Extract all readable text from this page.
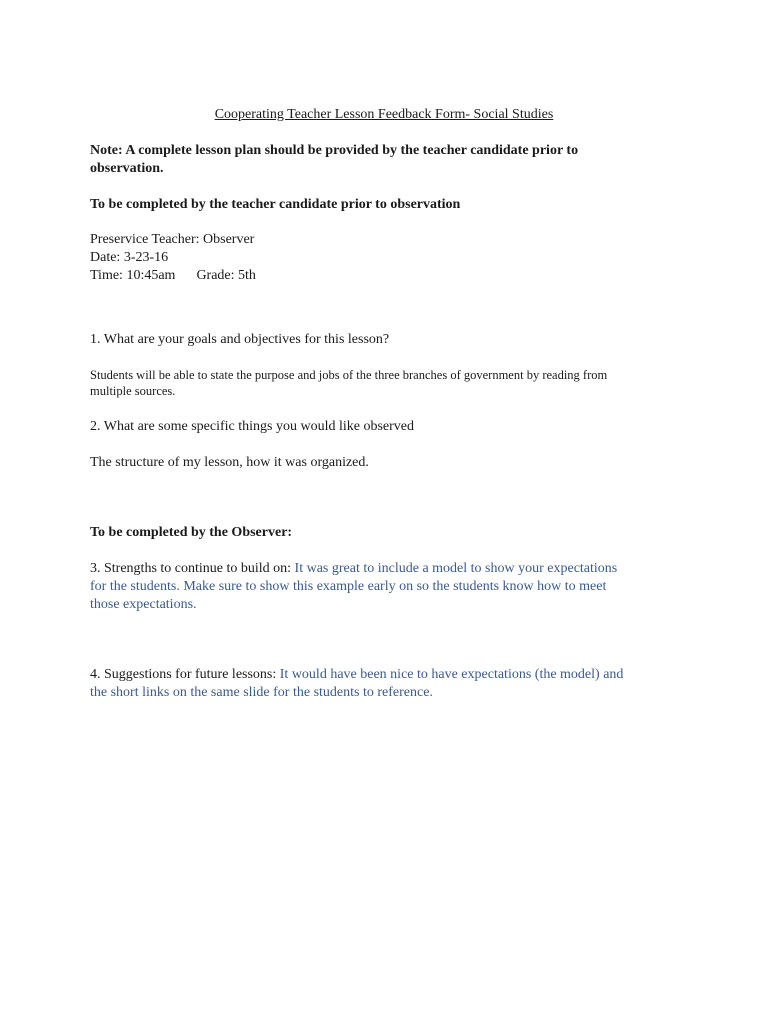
Cooperating Teacher Lesson Feedback Form- Social Studies
Note: A complete lesson plan should be provided by the teacher candidate prior to
observation.
To be completed by the teacher candidate prior to observation
Preservice Teacher: Observer
Date: 3-23-16
Time: 10:45am Grade: 5th
1. What are your goals and objectives for this lesson?
Students will be able to state the purpose and jobs of the three branches of government by reading from
multiple sources.
2. What are some specific things you would like observed
The structure of my lesson, how it was organized.
To be completed by the Observer:
3. Strengths to continue to build on: It was great to include a model to show your expectations
for the students. Make sure to show this example early on so the students know how to meet
those expectations.
4. Suggestions for future lessons: It would have been nice to have expectations (the model) and
the short links on the same slide for the students to reference.
